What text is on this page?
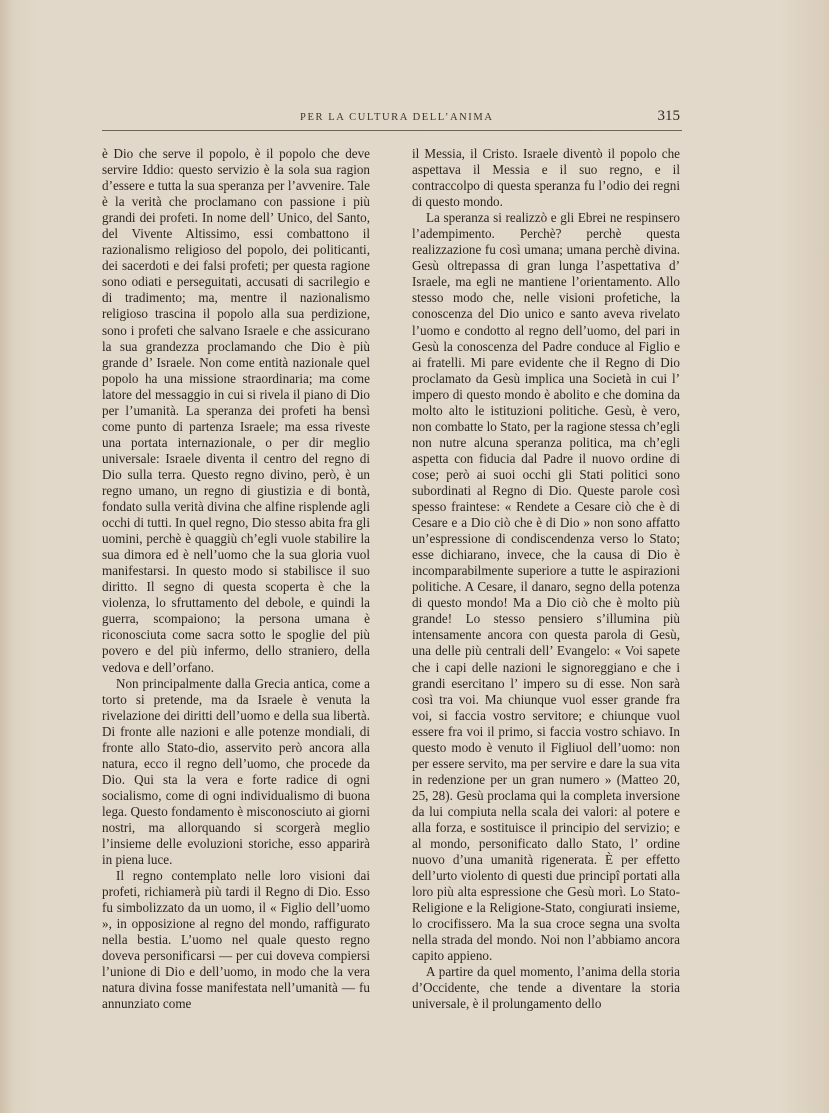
PER LA CULTURA DELL’ANIMA	315

è Dio che serve il popolo, è il popolo che deve servire Iddio: questo servizio è la sola sua ragion d’essere e tutta la sua speranza per l’avvenire. Tale è la verità che proclamano con passione i più grandi dei profeti. In nome dell’ Unico, del Santo, del Vivente Altissimo, essi combattono il razionalismo religioso del popolo, dei politicanti, dei sacerdoti e dei falsi profeti; per questa ragione sono odiati e perseguitati, accusati di sacrilegio e di tradimento; ma, mentre il nazionalismo religioso trascina il popolo alla sua perdizione, sono i profeti che salvano Israele e che assicurano la sua grandezza proclamando che Dio è più grande d’ Israele. Non come entità nazionale quel popolo ha una missione straordinaria; ma come latore del messaggio in cui si rivela il piano di Dio per l’umanità. La speranza dei profeti ha bensì come punto di partenza Israele; ma essa riveste una portata internazionale, o per dir meglio universale: Israele diventa il centro del regno di Dio sulla terra. Questo regno divino, però, è un regno umano, un regno di giustizia e di bontà, fondato sulla verità divina che alfine risplende agli occhi di tutti. In quel regno, Dio stesso abita fra gli uomini, perchè è quaggiù ch’egli vuole stabilire la sua dimora ed è nell’uomo che la sua gloria vuol manifestarsi. In questo modo si stabilisce il suo diritto. Il segno di questa scoperta è che la violenza, lo sfruttamento del debole, e quindi la guerra, scompaiono; la persona umana è riconosciuta come sacra sotto le spoglie del più povero e del più infermo, dello straniero, della vedova e dell’orfano.

Non principalmente dalla Grecia antica, come a torto si pretende, ma da Israele è venuta la rivelazione dei diritti dell’uomo e della sua libertà. Di fronte alle nazioni e alle potenze mondiali, di fronte allo Stato-dio, asservito però ancora alla natura, ecco il regno dell’uomo, che procede da Dio. Qui sta la vera e forte radice di ogni socialismo, come di ogni individualismo di buona lega. Questo fondamento è misconosciuto ai giorni nostri, ma allorquando si scorgerà meglio l’insieme delle evoluzioni storiche, esso apparirà in piena luce.

Il regno contemplato nelle loro visioni dai profeti, richiamerà più tardi il Regno di Dio. Esso fu simbolizzato da un uomo, il « Figlio dell’uomo », in opposizione al regno del mondo, raffigurato nella bestia. L’uomo nel quale questo regno doveva personificarsi — per cui doveva compiersi l’unione di Dio e dell’uomo, in modo che la vera natura divina fosse manifestata nell’umanità — fu annunziato come

il Messia, il Cristo. Israele diventò il popolo che aspettava il Messia e il suo regno, e il contraccolpo di questa speranza fu l’odio dei regni di questo mondo.

La speranza si realizzò e gli Ebrei ne respinsero l’adempimento. Perchè? perchè questa realizzazione fu così umana; umana perchè divina. Gesù oltrepassa di gran lunga l’aspettativa d’ Israele, ma egli ne mantiene l’orientamento. Allo stesso modo che, nelle visioni profetiche, la conoscenza del Dio unico e santo aveva rivelato l’uomo e condotto al regno dell’uomo, del pari in Gesù la conoscenza del Padre conduce al Figlio e ai fratelli. Mi pare evidente che il Regno di Dio proclamato da Gesù implica una Società in cui l’ impero di questo mondo è abolito e che domina da molto alto le istituzioni politiche. Gesù, è vero, non combatte lo Stato, per la ragione stessa ch’egli non nutre alcuna speranza politica, ma ch’egli aspetta con fiducia dal Padre il nuovo ordine di cose; però ai suoi occhi gli Stati politici sono subordinati al Regno di Dio. Queste parole così spesso fraintese: « Rendete a Cesare ciò che è di Cesare e a Dio ciò che è di Dio » non sono affatto un’espressione di condiscendenza verso lo Stato; esse dichiarano, invece, che la causa di Dio è incomparabilmente superiore a tutte le aspirazioni politiche. A Cesare, il danaro, segno della potenza di questo mondo! Ma a Dio ciò che è molto più grande! Lo stesso pensiero s’illumina più intensamente ancora con questa parola di Gesù, una delle più centrali dell’ Evangelo: « Voi sapete che i capi delle nazioni le signoreggiano e che i grandi esercitano l’ impero su di esse. Non sarà così tra voi. Ma chiunque vuol esser grande fra voi, si faccia vostro servitore; e chiunque vuol essere fra voi il primo, si faccia vostro schiavo. In questo modo è venuto il Figliuol dell’uomo: non per essere servito, ma per servire e dare la sua vita in redenzione per un gran numero » (Matteo 20, 25, 28). Gesù proclama qui la completa inversione da lui compiuta nella scala dei valori: al potere e alla forza, e sostituisce il principio del servizio; e al mondo, personificato dallo Stato, l’ ordine nuovo d’una umanità rigenerata. È per effetto dell’urto violento di questi due principî portati alla loro più alta espressione che Gesù morì. Lo Stato-Religione e la Religione-Stato, congiurati insieme, lo crocifissero. Ma la sua croce segna una svolta nella strada del mondo. Noi non l’abbiamo ancora capito appieno.

A partire da quel momento, l’anima della storia d’Occidente, che tende a diventare la storia universale, è il prolungamento dello
